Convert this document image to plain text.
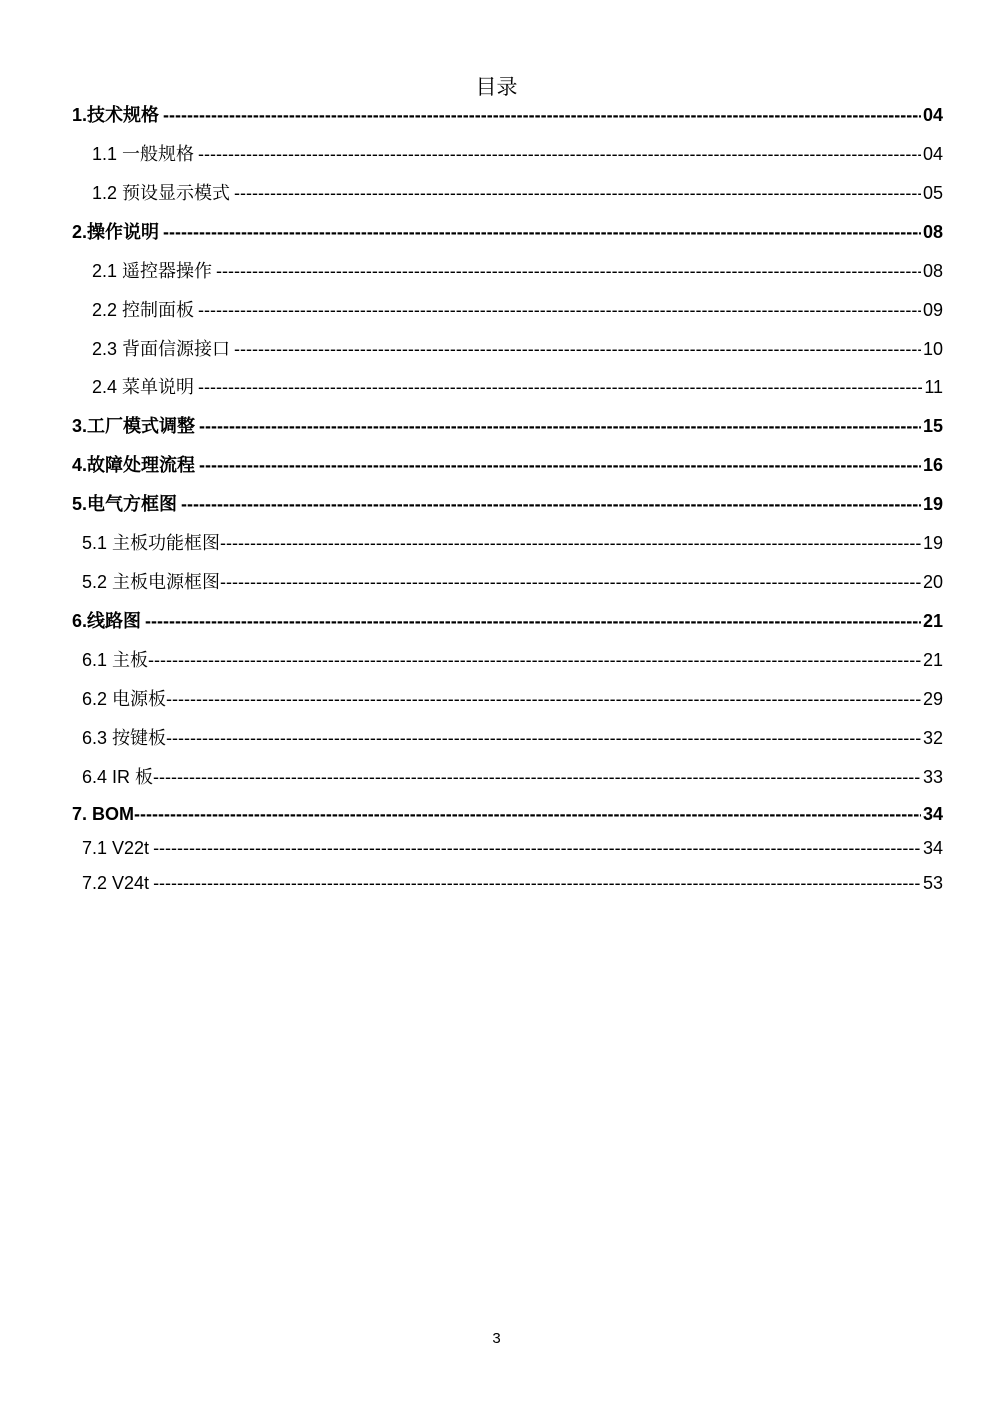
目录
1.技术规格 -----	04
1.1 一般规格 -----	04
1.2 预设显示模式 -----	05
2.操作说明 -----	08
2.1 遥控器操作 -----	08
2.2 控制面板 -----	09
2.3 背面信源接口 -----	10
2.4 菜单说明 -----	11
3.工厂模式调整 -----	15
4.故障处理流程 -----	16
5.电气方框图 -----	19
5.1 主板功能框图 -----	19
5.2 主板电源框图 -----	20
6.线路图 -----	21
6.1 主板 -----	21
6.2 电源板 -----	29
6.3 按键板 -----	32
6.4 IR 板 -----	33
7. BOM -----	34
7.1 V22t -----	34
7.2 V24t -----	53
3
